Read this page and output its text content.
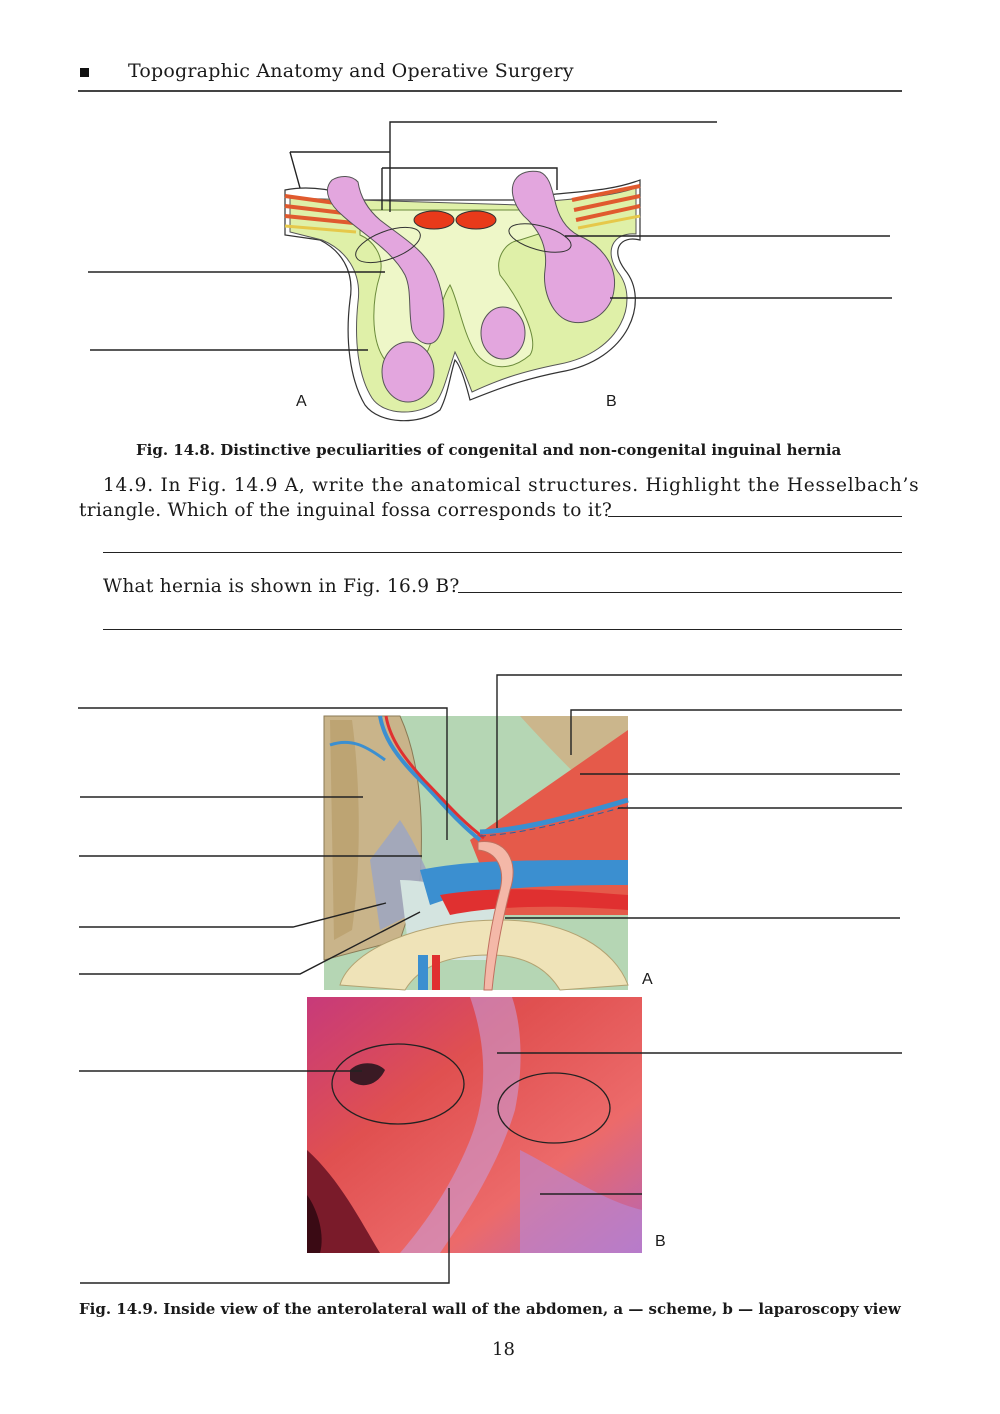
Topographic Anatomy and Operative Surgery
A	B
Fig. 14.8. Distinctive peculiarities of congenital and non-congenital inguinal hernia
14.9. In Fig. 14.9 A, write the anatomical structures. Highlight the Hesselbach’s
triangle. Which of the inguinal fossa corresponds to it?
What hernia is shown in Fig. 16.9 B?
A
B
Fig. 14.9. Inside view of the anterolateral wall of the abdomen, a — scheme, b — laparoscopy view
18
